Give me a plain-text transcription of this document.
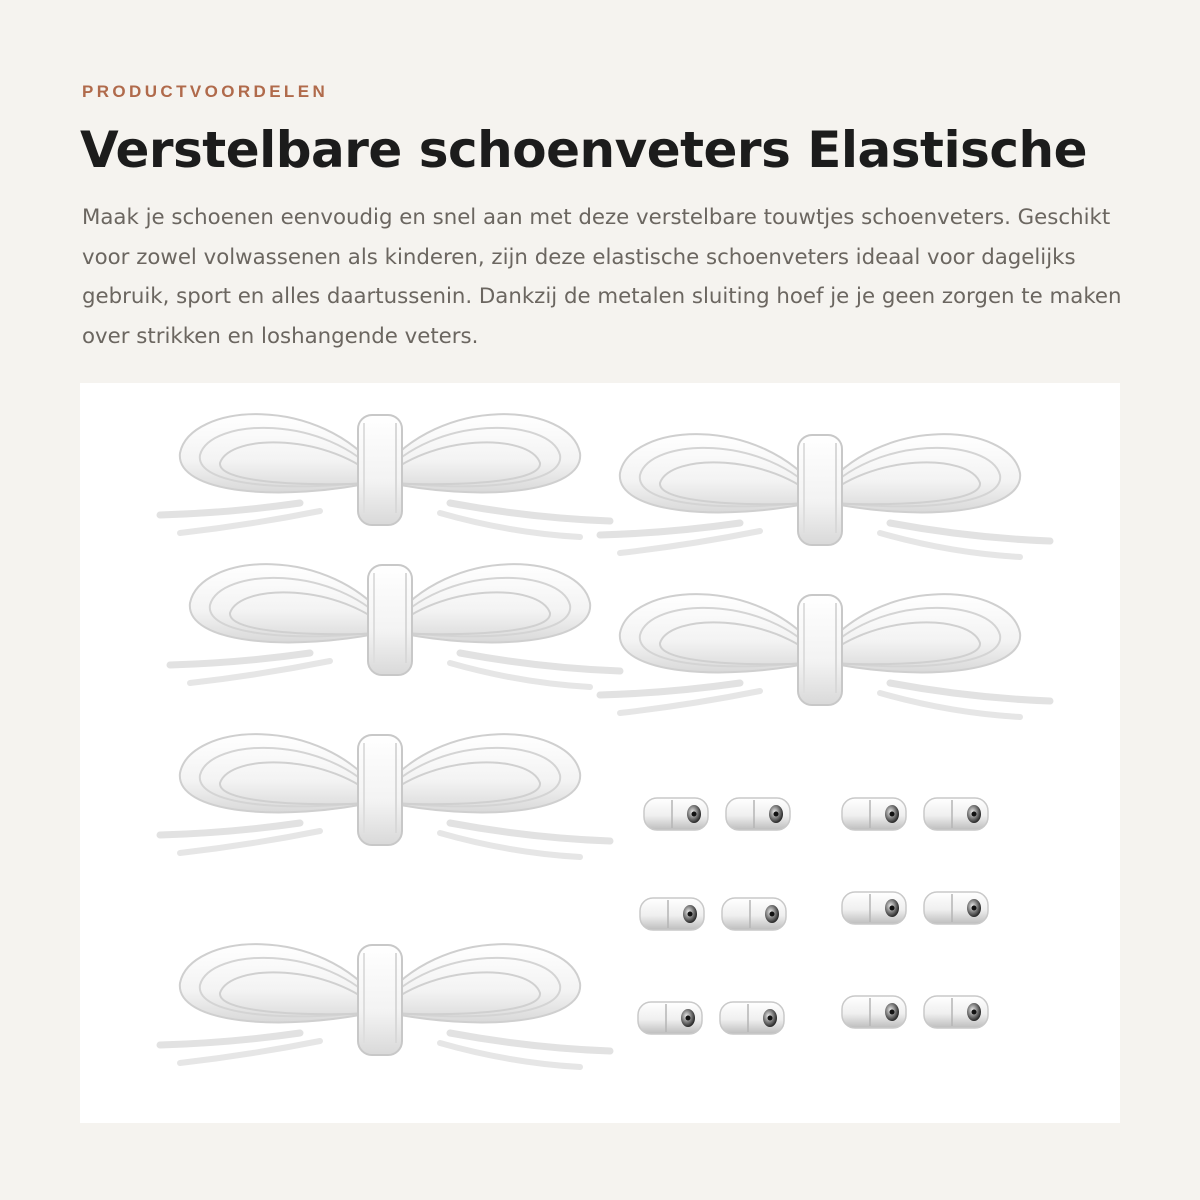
PRODUCTVOORDELEN
Verstelbare schoenveters Elastische

Maak je schoenen eenvoudig en snel aan met deze verstelbare touwtjes schoenveters. Geschikt voor zowel volwassenen als kinderen, zijn deze elastische schoenveters ideaal voor dagelijks gebruik, sport en alles daartussenin. Dankzij de metalen sluiting hoef je je geen zorgen te maken over strikken en loshangende veters.
